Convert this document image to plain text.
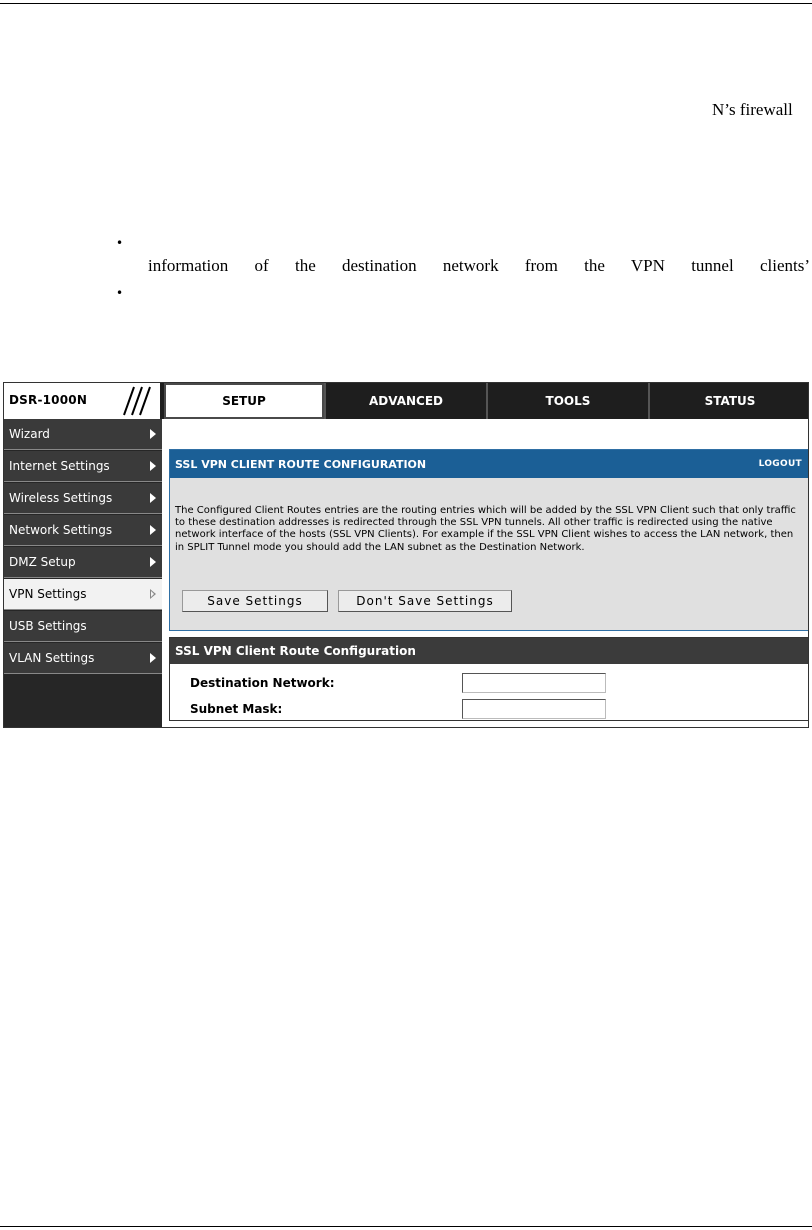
N’s firewall
•
information of the destination network from the VPN tunnel clients’
•
DSR-1000N	SETUP	ADVANCED	TOOLS	STATUS
Wizard
Internet Settings
Wireless Settings
Network Settings
DMZ Setup
VPN Settings
USB Settings
VLAN Settings
SSL VPN CLIENT ROUTE CONFIGURATION	LOGOUT
The Configured Client Routes entries are the routing entries which will be added by the SSL VPN Client such that only traffic to these destination addresses is redirected through the SSL VPN tunnels. All other traffic is redirected using the native network interface of the hosts (SSL VPN Clients). For example if the SSL VPN Client wishes to access the LAN network, then in SPLIT Tunnel mode you should add the LAN subnet as the Destination Network.
Save Settings	Don't Save Settings
SSL VPN Client Route Configuration
Destination Network:
Subnet Mask:
